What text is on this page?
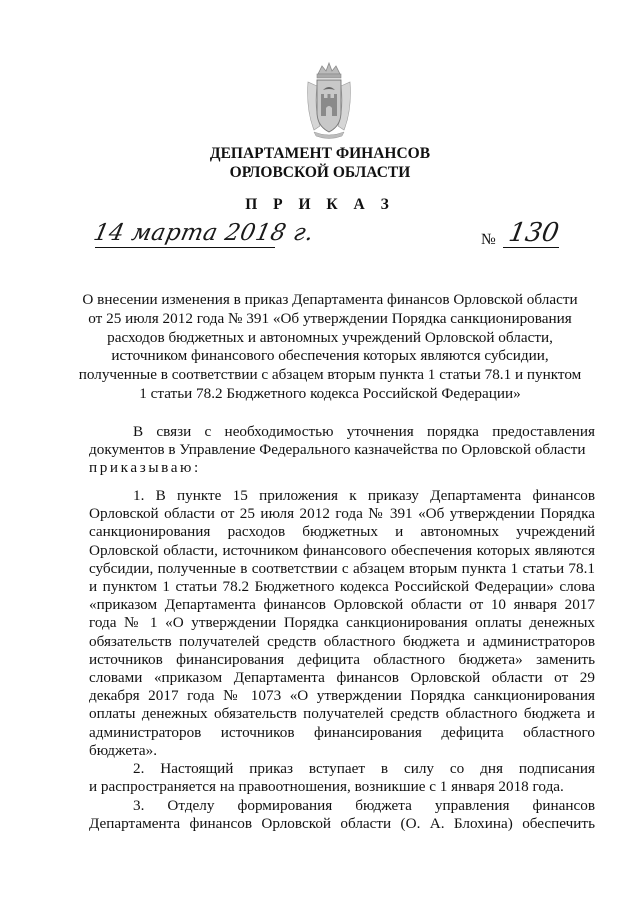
ДЕПАРТАМЕНТ ФИНАНСОВ
ОРЛОВСКОЙ ОБЛАСТИ
П Р И К А З
14 марта 2018 г.	№ 130
О внесении изменения в приказ Департамента финансов Орловской области
от 25 июля 2012 года № 391 «Об утверждении Порядка санкционирования
расходов бюджетных и автономных учреждений Орловской области,
источником финансового обеспечения которых являются субсидии,
полученные в соответствии с абзацем вторым пункта 1 статьи 78.1 и пунктом
1 статьи 78.2 Бюджетного кодекса Российской Федерации»
В связи с необходимостью уточнения порядка предоставления
документов в Управление Федерального казначейства по Орловской области
приказываю:
1. В пункте 15 приложения к приказу Департамента финансов
Орловской области от 25 июля 2012 года № 391 «Об утверждении Порядка
санкционирования расходов бюджетных и автономных учреждений
Орловской области, источником финансового обеспечения которых являются
субсидии, полученные в соответствии с абзацем вторым пункта 1 статьи 78.1
и пунктом 1 статьи 78.2 Бюджетного кодекса Российской Федерации» слова
«приказом Департамента финансов Орловской области от 10 января 2017
года № 1 «О утверждении Порядка санкционирования оплаты денежных
обязательств получателей средств областного бюджета и администраторов
источников финансирования дефицита областного бюджета» заменить
словами «приказом Департамента финансов Орловской области от 29
декабря 2017 года № 1073 «О утверждении Порядка санкционирования
оплаты денежных обязательств получателей средств областного бюджета и
администраторов источников финансирования дефицита областного
бюджета».
2. Настоящий приказ вступает в силу со дня подписания
и распространяется на правоотношения, возникшие с 1 января 2018 года.
3. Отделу формирования бюджета управления финансов
Департамента финансов Орловской области (О. А. Блохина) обеспечить
